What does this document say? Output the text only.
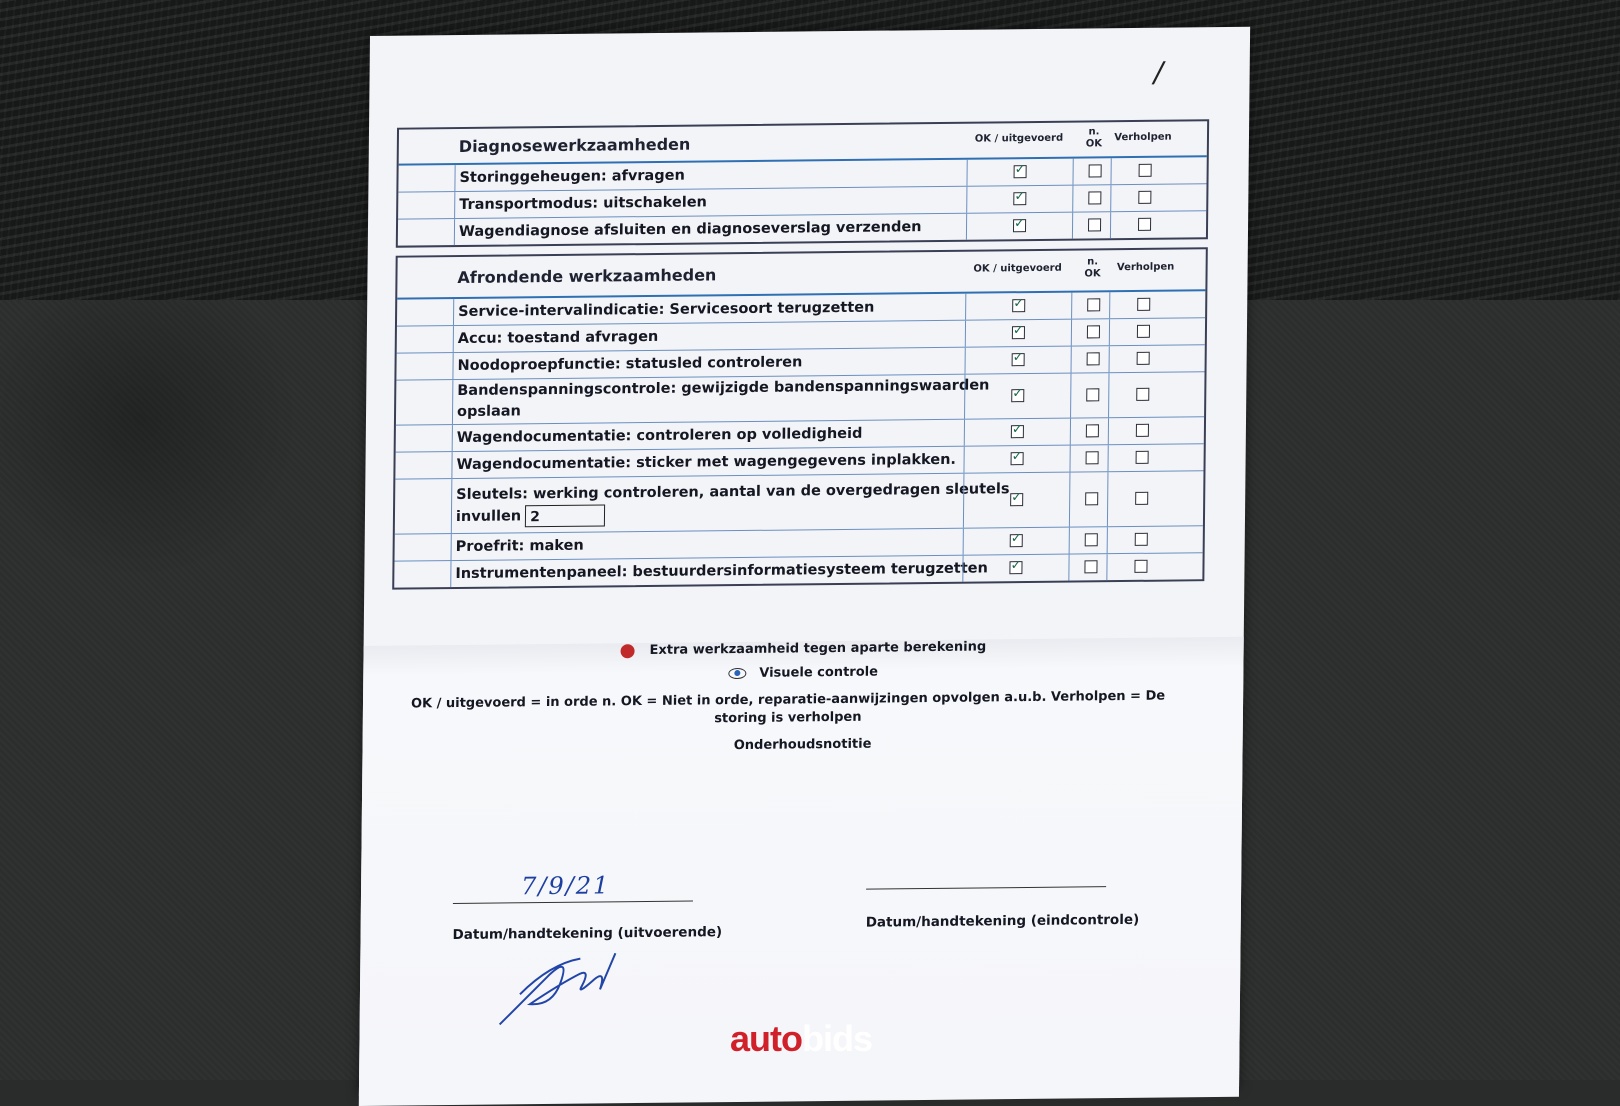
/
Diagnosewerkzaamheden	OK / uitgevoerd
n. OK
Verholpen
Storinggeheugen: afvragen
✓
Transportmodus: uitschakelen
✓
Wagendiagnose afsluiten en diagnoseverslag verzenden
✓
Afrondende werkzaamheden	OK / uitgevoerd
n. OK
Verholpen
Service-intervalindicatie: Servicesoort terugzetten
✓
Accu: toestand afvragen
✓
Noodoproepfunctie: statusled controleren
✓
Bandenspanningscontrole: gewijzigde bandenspanningswaarden
opslaan
✓
Wagendocumentatie: controleren op volledigheid
✓
Wagendocumentatie: sticker met wagengegevens inplakken.
✓
Sleutels: werking controleren, aantal van de overgedragen sleutels
invullen 2
✓
Proefrit: maken
✓
Instrumentenpaneel: bestuurdersinformatiesysteem terugzetten
✓
Extra werkzaamheid tegen aparte berekening
Visuele controle
OK / uitgevoerd = in orde n. OK = Niet in orde, reparatie-aanwijzingen opvolgen a.u.b. Verholpen = De storing is verholpen
Onderhoudsnotitie
7/9/21
Datum/handtekening (uitvoerende)
Datum/handtekening (eindcontrole)
autobids
